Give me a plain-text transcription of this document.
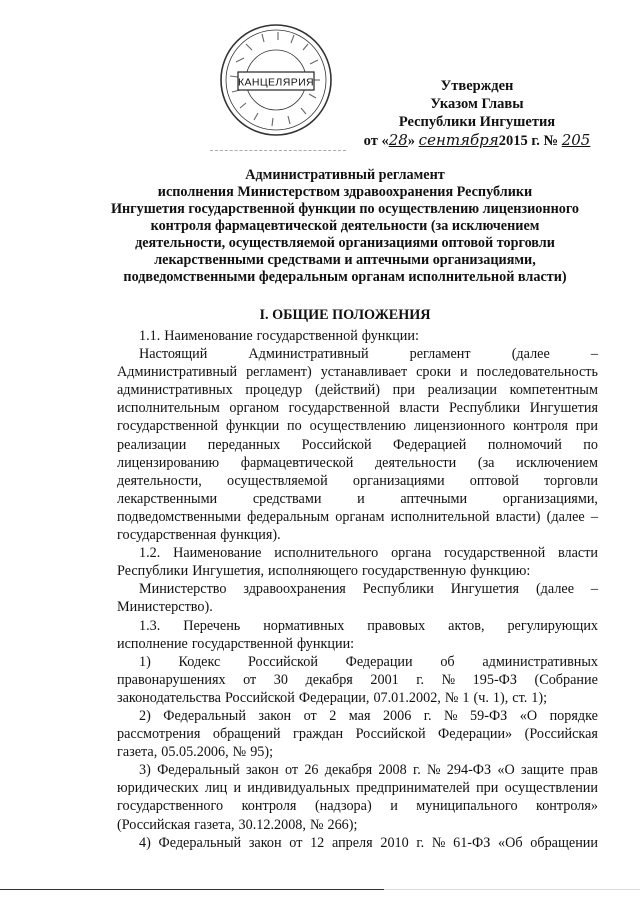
КАНЦЕЛЯРИЯ	Утвержден
Указом Главы
Республики Ингушетия
от «28» сентября2015 г. № 205
Административный регламент
исполнения Министерством здравоохранения Республики
Ингушетия государственной функции по осуществлению лицензионного
контроля фармацевтической деятельности (за исключением
деятельности, осуществляемой организациями оптовой торговли
лекарственными средствами и аптечными организациями,
подведомственными федеральным органам исполнительной власти)
I. ОБЩИЕ ПОЛОЖЕНИЯ
1.1. Наименование государственной функции:
Настоящий	Административный	регламент	(далее	–
Административный регламент) устанавливает сроки и последовательность
административных процедур (действий) при реализации компетентным
исполнительным органом государственной власти Республики Ингушетия
государственной функции по осуществлению лицензионного контроля при
реализации переданных Российской Федерацией полномочий по
лицензированию фармацевтической деятельности (за исключением
деятельности, осуществляемой организациями оптовой торговли
лекарственными	средствами	и	аптечными	организациями,
подведомственными федеральным органам исполнительной власти) (далее –
государственная функция).
1.2. Наименование исполнительного органа государственной власти
Республики Ингушетия, исполняющего государственную функцию:
Министерство здравоохранения Республики Ингушетия (далее –
Министерство).
1.3. Перечень нормативных правовых актов, регулирующих
исполнение государственной функции:
1) Кодекс Российской Федерации об административных
правонарушениях от 30 декабря 2001 г. № 195-ФЗ (Собрание
законодательства Российской Федерации, 07.01.2002, № 1 (ч. 1), ст. 1);
2) Федеральный закон от 2 мая 2006 г. № 59-ФЗ «О порядке
рассмотрения обращений граждан Российской Федерации» (Российская
газета, 05.05.2006, № 95);
3) Федеральный закон от 26 декабря 2008 г. № 294-ФЗ «О защите прав
юридических лиц и индивидуальных предпринимателей при осуществлении
государственного контроля (надзора) и муниципального контроля»
(Российская газета, 30.12.2008, № 266);
4) Федеральный закон от 12 апреля 2010 г. № 61-ФЗ «Об обращении
